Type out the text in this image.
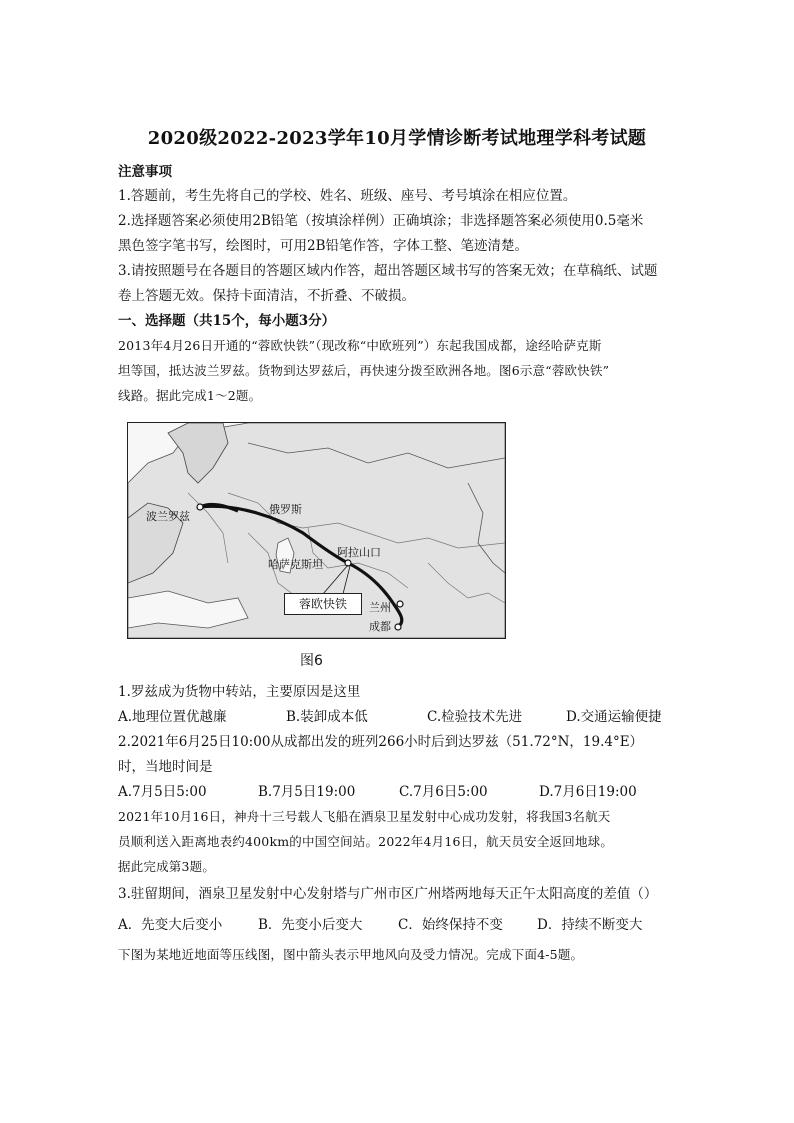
2020级2022-2023学年10月学情诊断考试地理学科考试题
注意事项
1.答题前，考生先将自己的学校、姓名、班级、座号、考号填涂在相应位置。
2.选择题答案必须使用2B铅笔（按填涂样例）正确填涂；非选择题答案必须使用0.5毫米
黑色签字笔书写，绘图时，可用2B铅笔作答，字体工整、笔迹清楚。
3.请按照题号在各题目的答题区域内作答，超出答题区域书写的答案无效；在草稿纸、试题
卷上答题无效。保持卡面清洁，不折叠、不破损。
一、选择题（共15个，每小题3分）
2013年4月26日开通的“蓉欧快铁”（现改称“中欧班列”）东起我国成都，途经哈萨克斯
坦等国，抵达波兰罗兹。货物到达罗兹后，再快速分拨至欧洲各地。图6示意“蓉欧快铁”
线路。据此完成1～2题。
波兰罗兹
俄罗斯
阿拉山口
哈萨克斯坦
兰州
成都
蓉欧快铁
图6
1.罗兹成为货物中转站，主要原因是这里
A.地理位置优越廉	B.装卸成本低	C.检验技术先进	D.交通运输便捷
2.2021年6月25日10:00从成都出发的班列266小时后到达罗兹（51.72°N，19.4°E）
时，当地时间是
A.7月5日5:00	B.7月5日19:00	C.7月6日5:00	D.7月6日19:00
2021年10月16日，神舟十三号载人飞船在酒泉卫星发射中心成功发射，将我国3名航天
员顺利送入距离地表约400km的中国空间站。2022年4月16日，航天员安全返回地球。
据此完成第3题。
3.驻留期间，酒泉卫星发射中心发射塔与广州市区广州塔两地每天正午太阳高度的差值（）
A．先变大后变小	B．先变小后变大	C．始终保持不变	D．持续不断变大
下图为某地近地面等压线图，图中箭头表示甲地风向及受力情况。完成下面4-5题。
